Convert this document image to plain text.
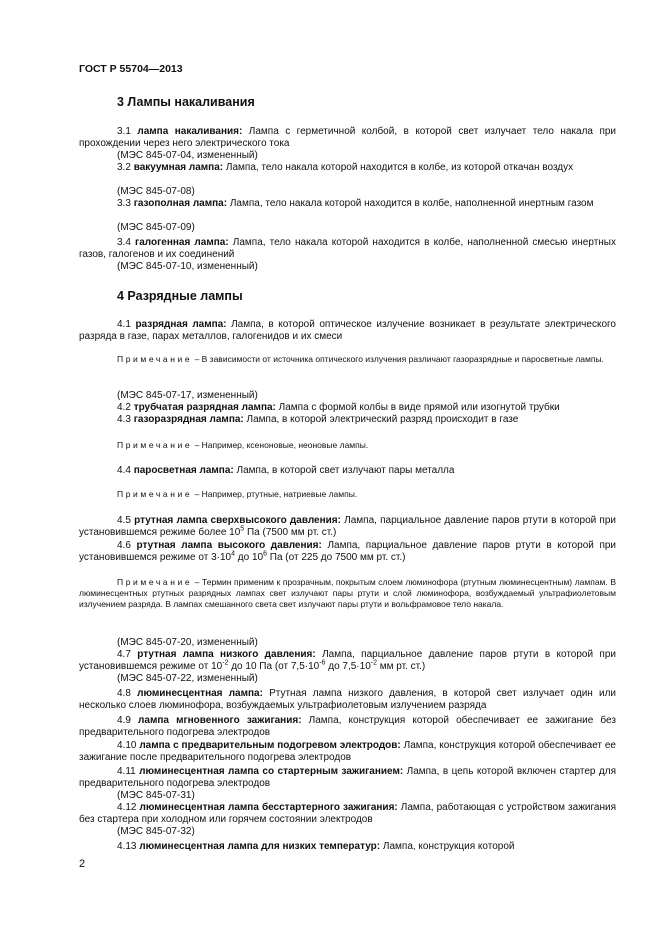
ГОСТ Р 55704—2013
3 Лампы накаливания

3.1 лампа накаливания: Лампа с герметичной колбой, в которой свет излучает тело накала при прохождении через него электрического тока

(МЭС 845-07-04, измененный)

3.2 вакуумная лампа: Лампа, тело накала которой находится в колбе, из которой откачан воздух

(МЭС 845-07-08)

3.3 газополная лампа: Лампа, тело накала которой находится в колбе, наполненной инертным газом

(МЭС 845-07-09)

3.4 галогенная лампа: Лампа, тело накала которой находится в колбе, наполненной смесью инертных газов, галогенов и их соединений

(МЭС 845-07-10, измененный)

4 Разрядные лампы

4.1 разрядная лампа: Лампа, в которой оптическое излучение возникает в результате электрического разряда в газе, парах металлов, галогенидов и их смеси

Примечание – В зависимости от источника оптического излучения различают газоразрядные и паросветные лампы.

(МЭС 845-07-17, измененный)

4.2 трубчатая разрядная лампа: Лампа с формой колбы в виде прямой или изогнутой трубки

4.3 газоразрядная лампа: Лампа, в которой электрический разряд происходит в газе

Примечание – Например, ксеноновые, неоновые лампы.

4.4 паросветная лампа: Лампа, в которой свет излучают пары металла

Примечание – Например, ртутные, натриевые лампы.

4.5 ртутная лампа сверхвысокого давления: Лампа, парциальное давление паров ртути в которой при установившемся режиме более $10^5$ Па (7500 мм рт. ст.)

4.6 ртутная лампа высокого давления: Лампа, парциальное давление паров ртути в которой при установившемся режиме от $3\cdot 10^4$ до $10^6$ Па (от 225 до 7500 мм рт. ст.)

Примечание – Термин применим к прозрачным, покрытым слоем люминофора (ртутным люминесцентным) лампам. В люминесцентных ртутных разрядных лампах свет излучают пары ртути и слой люминофора, возбуждаемый ультрафиолетовым излучением разряда. В лампах смешанного света свет излучают пары ртути и вольфрамовое тело накала.

(МЭС 845-07-20, измененный)

4.7 ртутная лампа низкого давления: Лампа, парциальное давление паров ртути в которой при установившемся режиме от $10^{-2}$ до 10 Па (от $7,5\cdot 10^{-6}$ до $7,5\cdot 10^{-2}$ мм рт. ст.)

(МЭС 845-07-22, измененный)

4.8 люминесцентная лампа: Ртутная лампа низкого давления, в которой свет излучает один или несколько слоев люминофора, возбуждаемых ультрафиолетовым излучением разряда

4.9 лампа мгновенного зажигания: Лампа, конструкция которой обеспечивает ее зажигание без предварительного подогрева электродов

4.10 лампа с предварительным подогревом электродов: Лампа, конструкция которой обеспечивает ее зажигание после предварительного подогрева электродов

4.11 люминесцентная лампа со стартерным зажиганием: Лампа, в цепь которой включен стартер для предварительного подогрева электродов

(МЭС 845-07-31)

4.12 люминесцентная лампа бесстартерного зажигания: Лампа, работающая с устройством зажигания без стартера при холодном или горячем состоянии электродов

(МЭС 845-07-32)

4.13 люминесцентная лампа для низких температур: Лампа, конструкция которой

2
